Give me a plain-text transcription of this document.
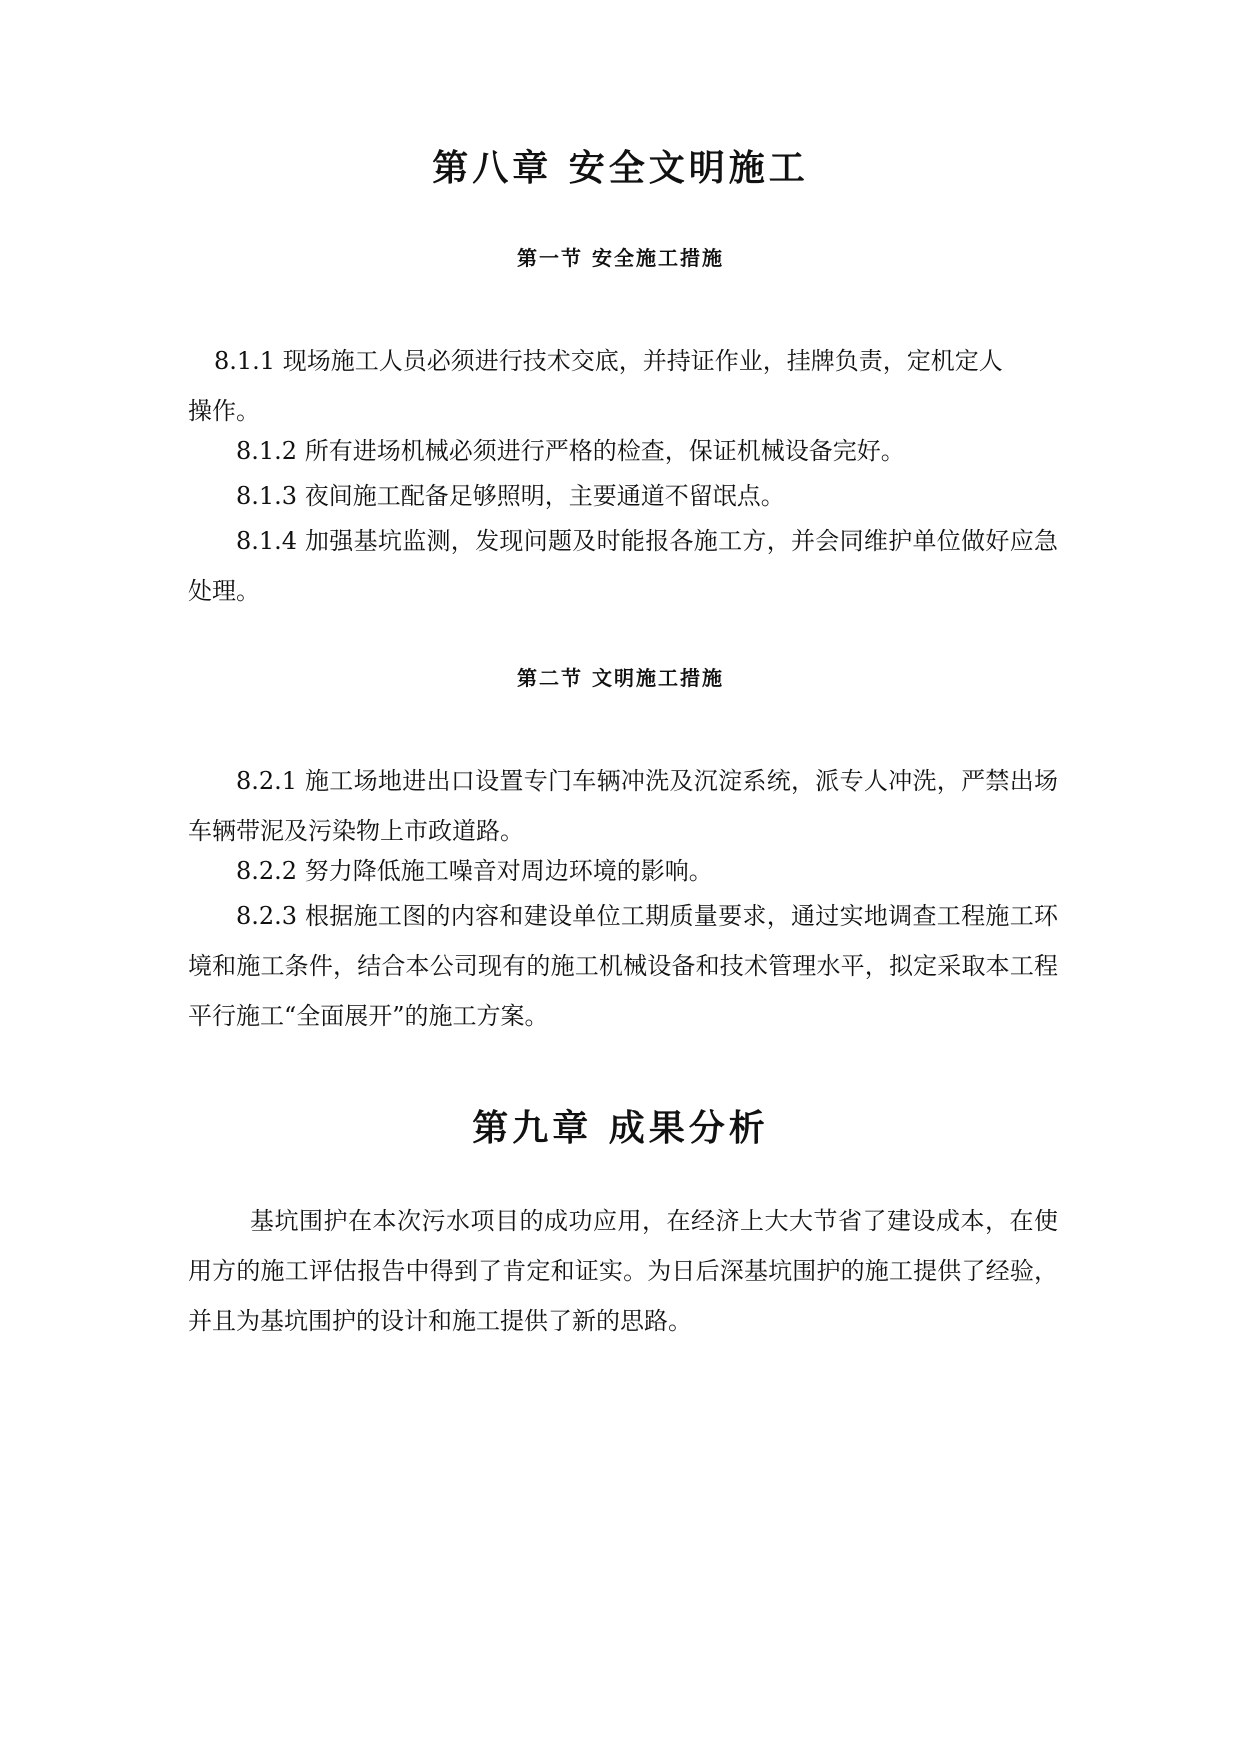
第八章 安全文明施工
第一节 安全施工措施
8.1.1 现场施工人员必须进行技术交底，并持证作业，挂牌负责，定机定人
操作。

8.1.2 所有进场机械必须进行严格的检查，保证机械设备完好。

8.1.3 夜间施工配备足够照明，主要通道不留氓点。

8.1.4 加强基坑监测，发现问题及时能报各施工方，并会同维护单位做好应急处理。

第二节 文明施工措施

8.2.1 施工场地进出口设置专门车辆冲洗及沉淀系统，派专人冲洗，严禁出场车辆带泥及污染物上市政道路。

8.2.2 努力降低施工噪音对周边环境的影响。

8.2.3 根据施工图的内容和建设单位工期质量要求，通过实地调查工程施工环境和施工条件，结合本公司现有的施工机械设备和技术管理水平，拟定采取本工程平行施工“全面展开”的施工方案。

第九章 成果分析

基坑围护在本次污水项目的成功应用，在经济上大大节省了建设成本，在使用方的施工评估报告中得到了肯定和证实。为日后深基坑围护的施工提供了经验，并且为基坑围护的设计和施工提供了新的思路。
